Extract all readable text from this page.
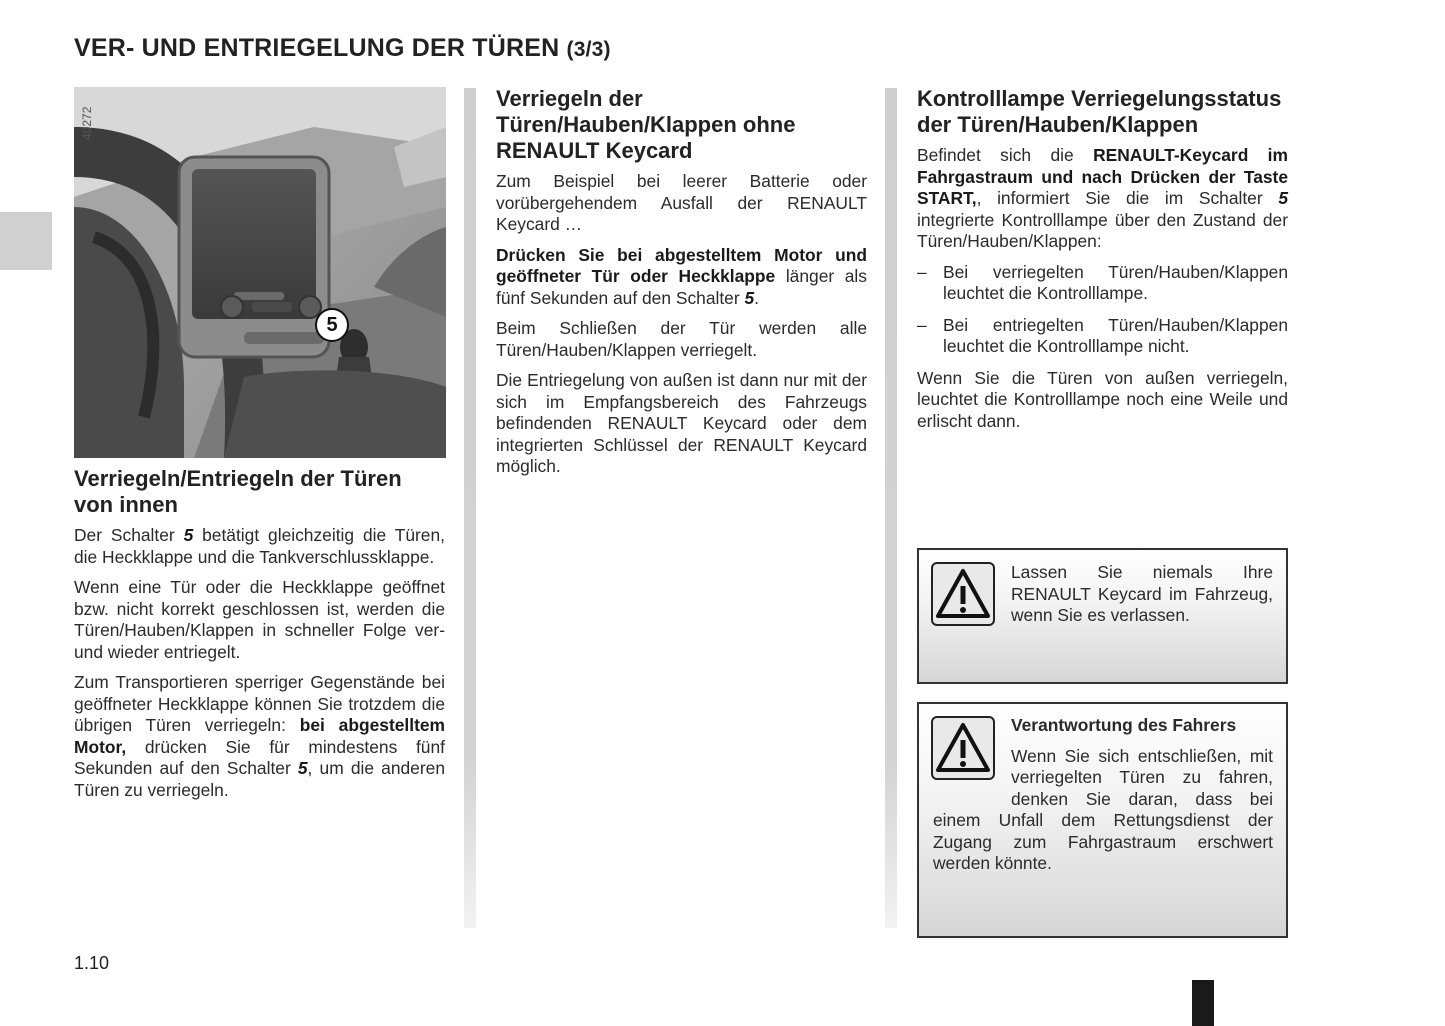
VER- UND ENTRIEGELUNG DER TÜREN (3/3)
40272
5
Verriegeln/Entriegeln der Türen von innen
Der Schalter 5 betätigt gleichzeitig die Türen, die Heckklappe und die Tankverschlussklappe.
Wenn eine Tür oder die Heckklappe geöffnet bzw. nicht korrekt geschlossen ist, werden die Türen/Hauben/Klappen in schneller Folge ver- und wieder entriegelt.
Zum Transportieren sperriger Gegenstände bei geöffneter Heckklappe können Sie trotzdem die übrigen Türen verriegeln: bei abgestelltem Motor, drücken Sie für mindestens fünf Sekunden auf den Schalter 5, um die anderen Türen zu verriegeln.
Verriegeln der Türen/Hauben/Klappen ohne RENAULT Keycard
Zum Beispiel bei leerer Batterie oder vorübergehendem Ausfall der RENAULT Keycard …
Drücken Sie bei abgestelltem Motor und geöffneter Tür oder Heckklappe länger als fünf Sekunden auf den Schalter 5.
Beim Schließen der Tür werden alle Türen/Hauben/Klappen verriegelt.
Die Entriegelung von außen ist dann nur mit der sich im Empfangsbereich des Fahrzeugs befindenden RENAULT Keycard oder dem integrierten Schlüssel der RENAULT Keycard möglich.
Kontrolllampe Verriegelungsstatus der Türen/Hauben/Klappen
Befindet sich die RENAULT-Keycard im Fahrgastraum und nach Drücken der Taste START,, informiert Sie die im Schalter 5 integrierte Kontrolllampe über den Zustand der Türen/Hauben/Klappen:
– Bei verriegelten Türen/Hauben/Klappen leuchtet die Kontrolllampe.
– Bei entriegelten Türen/Hauben/Klappen leuchtet die Kontrolllampe nicht.
Wenn Sie die Türen von außen verriegeln, leuchtet die Kontrolllampe noch eine Weile und erlischt dann.
Lassen Sie niemals Ihre RENAULT Keycard im Fahrzeug, wenn Sie es verlassen.
Verantwortung des Fahrers
Wenn Sie sich entschließen, mit verriegelten Türen zu fahren, denken Sie daran, dass bei einem Unfall dem Rettungsdienst der Zugang zum Fahrgastraum erschwert werden könnte.
1.10
